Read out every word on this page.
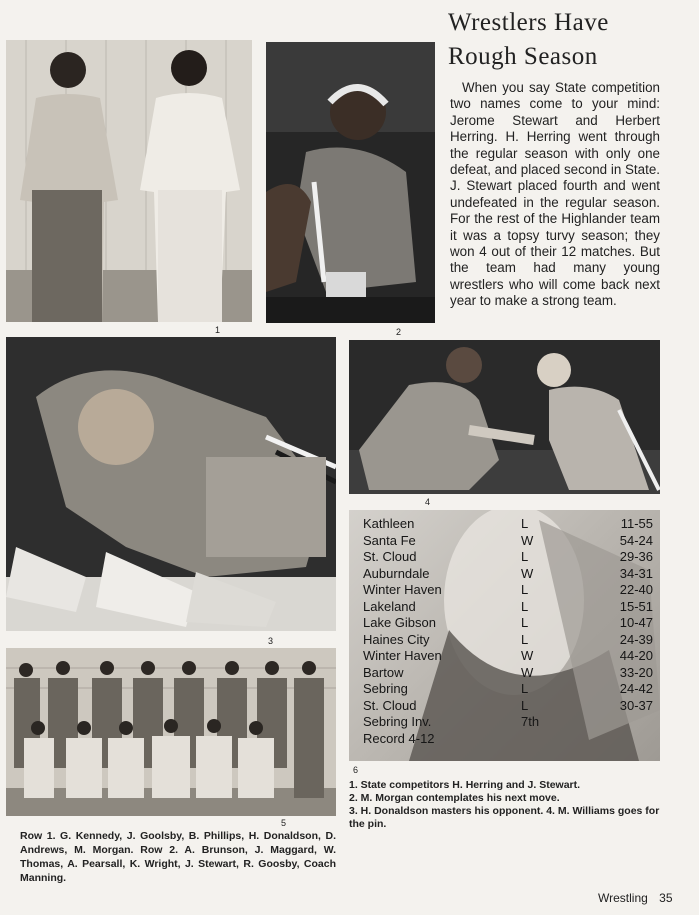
1	2
Wrestlers Have
Rough Season

When you say State competition two names come to your mind: Jerome Stewart and Herbert Herring. H. Herring went through the regular season with only one defeat, and placed second in State. J. Stewart placed fourth and went undefeated in the regular season. For the rest of the Highlander team it was a topsy turvy season; they won 4 out of their 12 matches. But the team had many young wrestlers who will come back next year to make a strong team.

3
4
Kathleen	L	11-55
Santa Fe	W	54-24
St. Cloud	L	29-36
Auburndale	W	34-31
Winter Haven	L	22-40
Lakeland	L	15-51
Lake Gibson	L	10-47
Haines City	L	24-39
Winter Haven	W	44-20
Bartow	W	33-20
Sebring	L	24-42
St. Cloud	L	30-37
Sebring Inv.	7th	
Record 4-12		
6
5
1. State competitors H. Herring and J. Stewart.
2. M. Morgan contemplates his next move.
3. H. Donaldson masters his opponent. 4. M. Williams goes for the pin.
Row 1. G. Kennedy, J. Goolsby, B. Phillips, H. Donaldson, D. Andrews, M. Morgan. Row 2. A. Brunson, J. Maggard, W. Thomas, A. Pearsall, K. Wright, J. Stewart, R. Goosby, Coach Manning.
Wrestling 35
